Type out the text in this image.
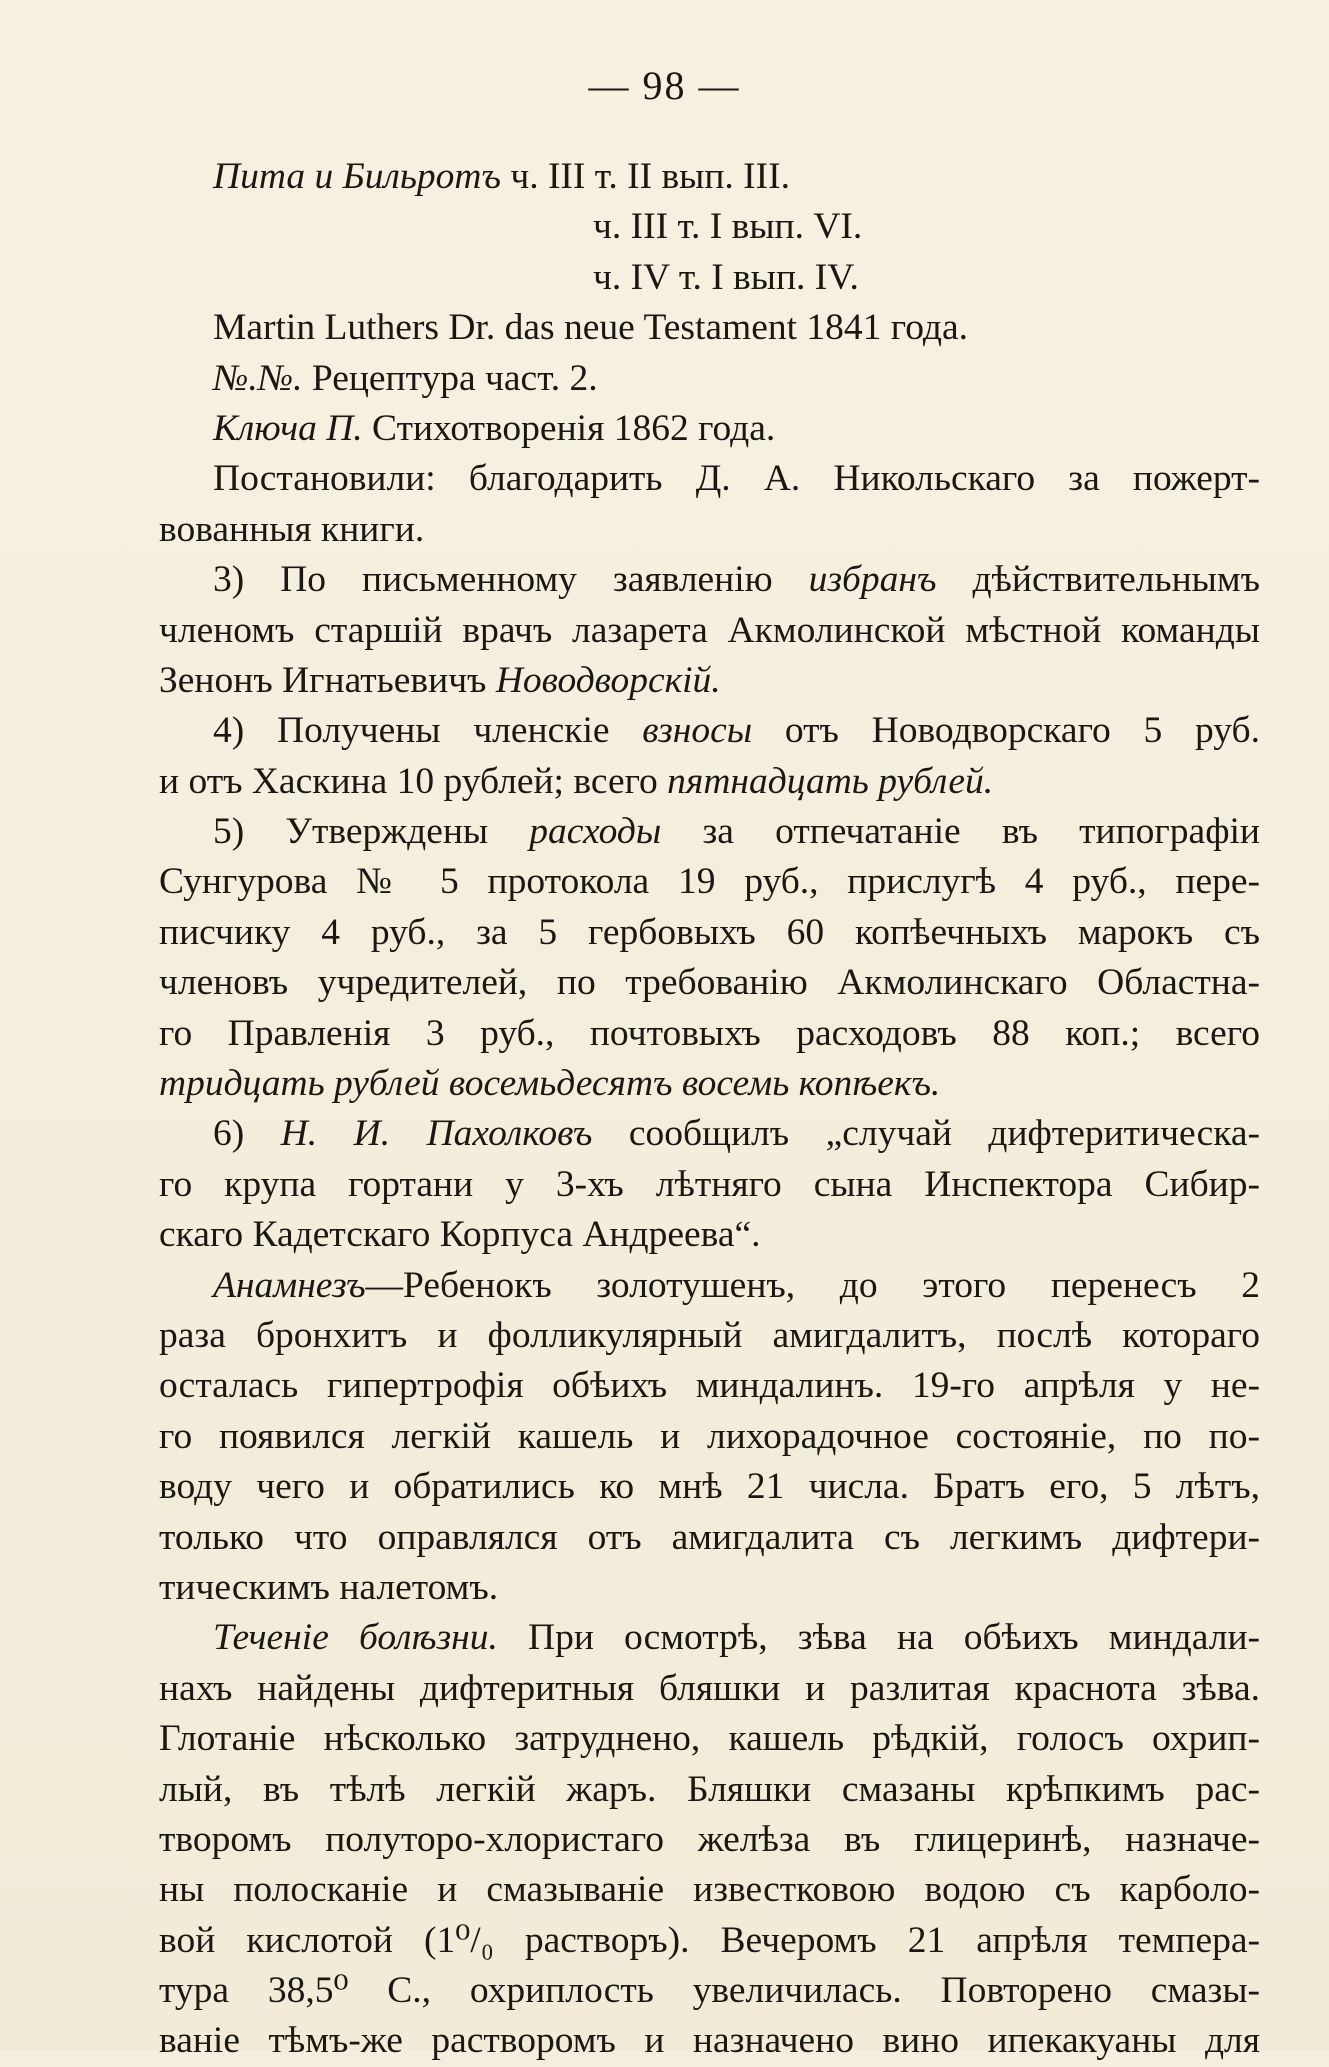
— 98 —
Пита и Бильротъ ч. III т. II вып. III.
ч. III т. I вып. VI.
ч. IV т. I вып. IV.
Martin Luthers Dr. das neue Testament 1841 года.
№.№. Рецептура част. 2.
Ключа П. Стихотворенія 1862 года.
Постановили: благодарить Д. А. Никольскаго за пожерт-
вованныя книги.
3) По письменному заявленію избранъ дѣйствительнымъ
членомъ старшій врачъ лазарета Акмолинской мѣстной команды
Зенонъ Игнатьевичъ Новодворскій.
4) Получены членскіе взносы отъ Новодворскаго 5 руб.
и отъ Хаскина 10 рублей; всего пятнадцать рублей.
5) Утверждены расходы за отпечатаніе въ типографіи
Сунгурова № 5 протокола 19 руб., прислугѣ 4 руб., пере-
писчику 4 руб., за 5 гербовыхъ 60 копѣечныхъ марокъ съ
членовъ учредителей, по требованію Акмолинскаго Областна-
го Правленія 3 руб., почтовыхъ расходовъ 88 коп.; всего
тридцать рублей восемьдесятъ восемь копѣекъ.
6) Н. И. Пахолковъ сообщилъ „случай дифтеритическа-
го крупа гортани у 3-хъ лѣтняго сына Инспектора Сибир-
скаго Кадетскаго Корпуса Андреева“.
Анамнезъ—Ребенокъ золотушенъ, до этого перенесъ 2
раза бронхитъ и фолликулярный амигдалитъ, послѣ котораго
осталась гипертрофія обѣихъ миндалинъ. 19-го апрѣля у не-
го появился легкій кашель и лихорадочное состояніе, по по-
воду чего и обратились ко мнѣ 21 числа. Братъ его, 5 лѣтъ,
только что оправлялся отъ амигдалита съ легкимъ дифтери-
тическимъ налетомъ.
Теченіе болѣзни. При осмотрѣ, зѣва на обѣихъ миндали-
нахъ найдены дифтеритныя бляшки и разлитая краснота зѣва.
Глотаніе нѣсколько затруднено, кашель рѣдкій, голосъ охрип-
лый, въ тѣлѣ легкій жаръ. Бляшки смазаны крѣпкимъ рас-
творомъ полуторо-хлористаго желѣза въ глицеринѣ, назначе-
ны полосканіе и смазываніе известковою водою съ карболо-
вой кислотой (1⁰/₀ растворъ). Вечеромъ 21 апрѣля темпера-
тура 38,5⁰ С., охриплость увеличилась. Повторено смазы-
ваніе тѣмъ-же растворомъ и назначено вино ипекакуаны для
